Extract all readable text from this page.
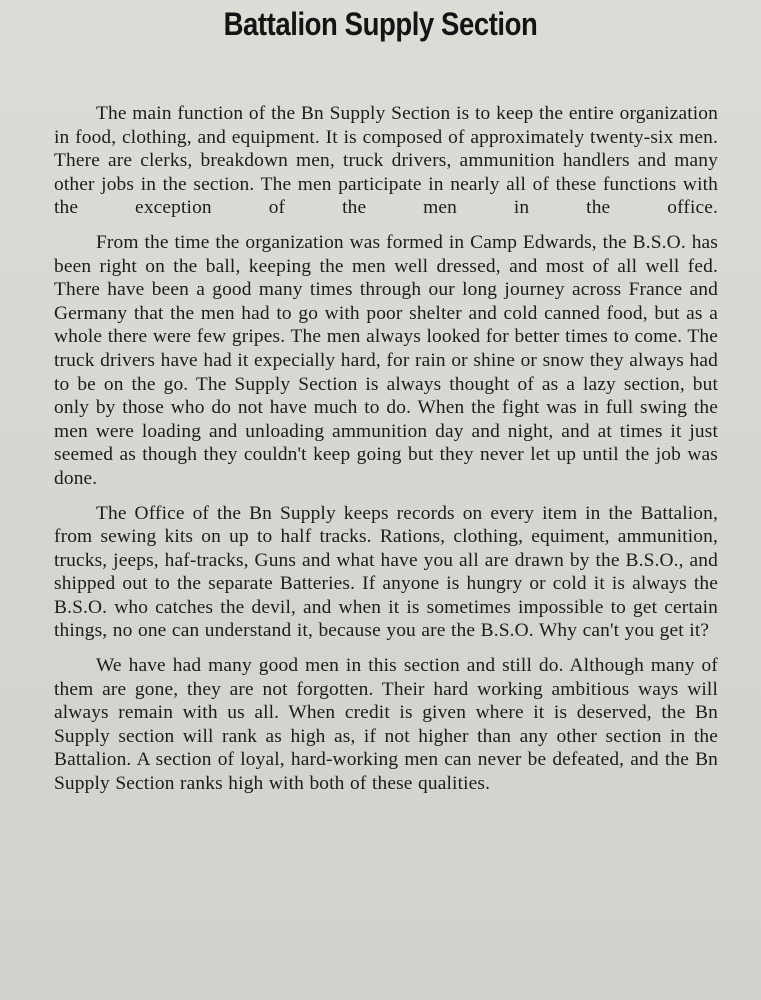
Battalion Supply Section

The main function of the Bn Supply Section is to keep the entire organization in food, clothing, and equipment. It is composed of approximately twenty-six men. There are clerks, breakdown men, truck drivers, ammunition handlers and many other jobs in the section. The men participate in nearly all of these functions with the exception of the men in the office.

From the time the organization was formed in Camp Edwards, the B.S.O. has been right on the ball, keeping the men well dressed, and most of all well fed. There have been a good many times through our long journey across France and Germany that the men had to go with poor shelter and cold canned food, but as a whole there were few gripes. The men always looked for better times to come. The truck drivers have had it expecially hard, for rain or shine or snow they always had to be on the go. The Supply Section is always thought of as a lazy section, but only by those who do not have much to do. When the fight was in full swing the men were loading and unloading ammunition day and night, and at times it just seemed as though they couldn't keep going but they never let up until the job was done.

The Office of the Bn Supply keeps records on every item in the Battalion, from sewing kits on up to half tracks. Rations, clothing, equiment, ammunition, trucks, jeeps, haf-tracks, Guns and what have you all are drawn by the B.S.O., and shipped out to the separate Batteries. If anyone is hungry or cold it is always the B.S.O. who catches the devil, and when it is sometimes impossible to get certain things, no one can understand it, because you are the B.S.O. Why can't you get it?

We have had many good men in this section and still do. Although many of them are gone, they are not forgotten. Their hard working ambitious ways will always remain with us all. When credit is given where it is deserved, the Bn Supply section will rank as high as, if not higher than any other section in the Battalion. A section of loyal, hard-working men can never be defeated, and the Bn Supply Section ranks high with both of these qualities.
